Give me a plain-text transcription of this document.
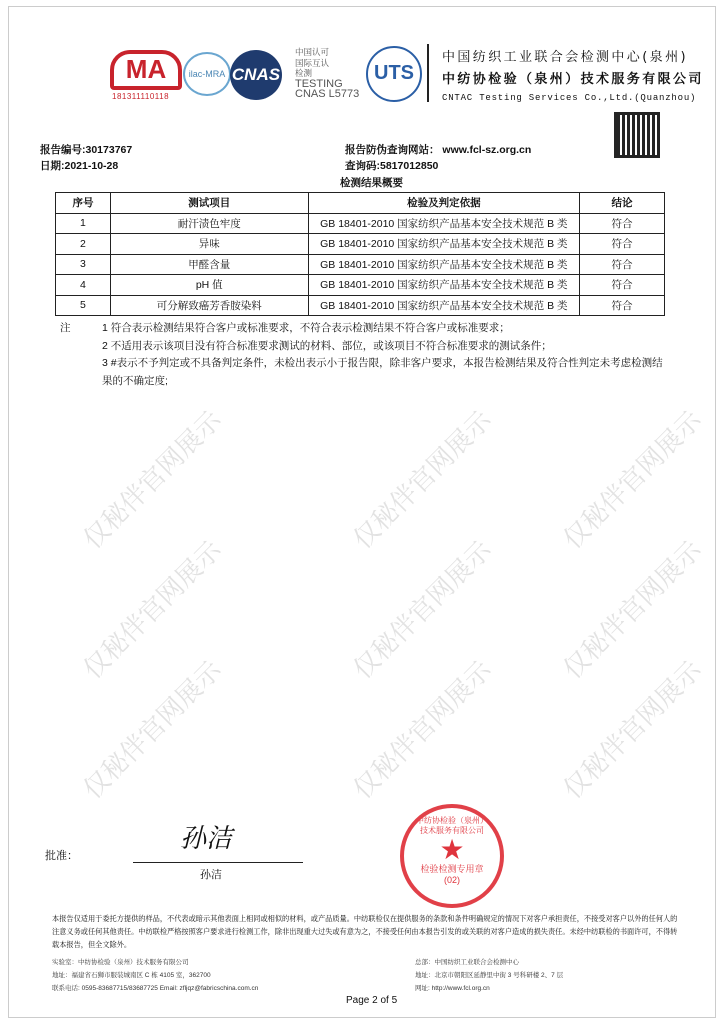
仅秘伴官网展示	仅秘伴官网展示 仅秘伴官网展示
仅秘伴官网展示	仅秘伴官网展示 仅秘伴官网展示
仅秘伴官网展示	仅秘伴官网展示 仅秘伴官网展示
MA
181311110118
ilac-MRA CNAS
中国认可
国际互认
检测
TESTING
CNAS L5773
UTS
中国纺织工业联合会检测中心(泉州)
中纺协检验（泉州）技术服务有限公司
CNTAC Testing Services Co.,Ltd.(Quanzhou)
报告编号:30173767
日期:2021-10-28
报告防伪查询网站： www.fcl-sz.org.cn
查询码:5817012850
检测结果概要
序号	测试项目	检验及判定依据	结论
1	耐汗渍色牢度	GB 18401-2010 国家纺织产品基本安全技术规范 B 类	符合
2	异味	GB 18401-2010 国家纺织产品基本安全技术规范 B 类	符合
3	甲醛含量	GB 18401-2010 国家纺织产品基本安全技术规范 B 类	符合
4	pH 值	GB 18401-2010 国家纺织产品基本安全技术规范 B 类	符合
5	可分解致癌芳香胺染料	GB 18401-2010 国家纺织产品基本安全技术规范 B 类	符合
注	1 符合表示检测结果符合客户或标准要求，不符合表示检测结果不符合客户或标准要求；
2 不适用表示该项目没有符合标准要求测试的材料、部位，或该项目不符合标准要求的测试条件；
3 #表示不予判定或不具备判定条件，未检出表示小于报告限，除非客户要求，本报告检测结果及符合性判定未考虑检测结果的不确定度;
批准：
孙洁
孙洁
中纺协检验（泉州）技术服务有限公司
★
检验检测专用章
(02)
本报告仅适用于委托方提供的样品，不代表或暗示其他表面上相同或相似的材料，或产品质量。中纺联检仅在提供服务的条款和条件明确规定的情况下对客户承担责任，不接受对客户以外的任何人的注意义务或任何其他责任。中纺联检严格按照客户要求进行检测工作，除非出现重大过失或有意为之，不接受任何由本报告引发的或关联的对客户造成的损失责任。未经中纺联检的书面许可，不得转载本报告，但全文除外。
实验室：中纺协检验（泉州）技术服务有限公司
地址：福建省石狮市服装城南区 C 栋 4105 室，362700
联系电话: 0595-83687715/83687725 Email: zfljqz@fabricschina.com.cn
总部：中国纺织工业联合会检测中心
地址：北京市朝阳区延静里中街 3 号科研楼 2、7 层
网址: http://www.fcl.org.cn
Page 2 of 5
